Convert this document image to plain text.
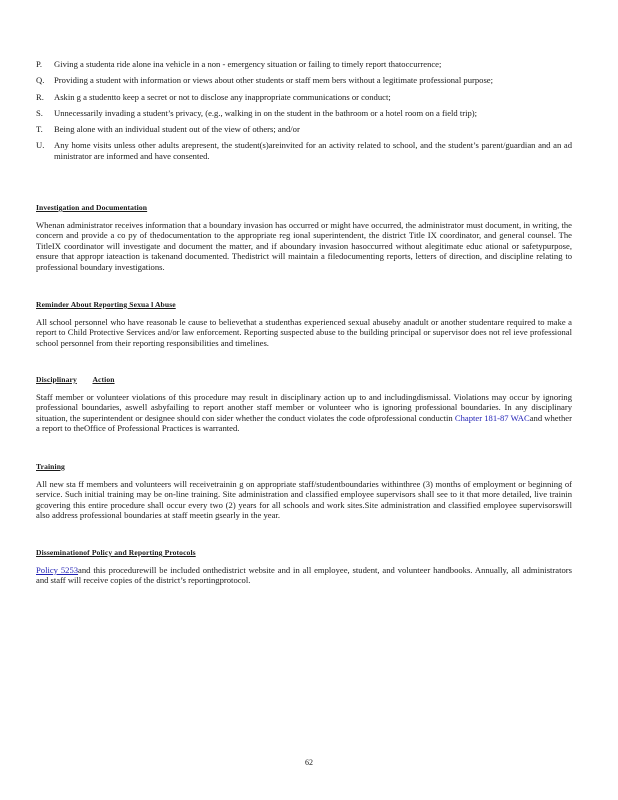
P.	Giving a studenta ride alone ina vehicle in a non - emergency situation or failing to timely report thatoccurrence;
Q.	Providing a student with information or views about other students or staff mem bers without a legitimate professional purpose;
R.	Askin g a studentto keep a secret or not to disclose any inappropriate communications or conduct;
S.	Unnecessarily invading a student’s privacy, (e.g., walking in on the student in the bathroom or a hotel room on a field trip);
T.	Being alone with an individual student out of the view of others; and/or
U.	Any home visits unless other adults arepresent, the student(s)areinvited for an activity related to school, and the student’s parent/guardian and an ad ministrator are informed and have consented.
Investigation and Documentation
Whenan administrator receives information that a boundary invasion has occurred or might have occurred, the administrator must document, in writing, the concern and provide a co py of thedocumentation to the appropriate reg ional superintendent, the district Title IX coordinator, and general counsel. The TitleIX coordinator will investigate and document the matter, and if aboundary invasion hasoccurred without alegitimate educ ational or safetypurpose, ensure that appropr iateaction is takenand documented. Thedistrict will maintain a filedocumenting reports, letters of direction, and discipline relating to professional boundary investigations.
Reminder About Reporting Sexua l Abuse
All school personnel who have reasonab le cause to believethat a studenthas experienced sexual abuseby anadult or another studentare required to make a report to Child Protective Services and/or law enforcement. Reporting suspected abuse to the building principal or supervisor does not rel ieve professional school personnel from their reporting responsibilities and timelines.
Disciplinary Action
Staff member or volunteer violations of this procedure may result in disciplinary action up to and includingdismissal. Violations may occur by ignoring professional boundaries, aswell asbyfailing to report another staff member or volunteer who is ignoring professional boundaries. In any disciplinary situation, the superintendent or designee should con sider whether the conduct violates the code ofprofessional conductin Chapter 181-87 WACand whether a report to theOffice of Professional Practices is warranted.
Training
All new sta ff members and volunteers will receivetrainin g on appropriate staff/studentboundaries withinthree (3) months of employment or beginning of service. Such initial training may be on-line training. Site administration and classified employee supervisors shall see to it that more detailed, live trainin gcovering this entire procedure shall occur every two (2) years for all schools and work sites.Site administration and classified employee supervisorswill also address professional boundaries at staff meetin gsearly in the year.
Disseminationof Policy and Reporting Protocols
Policy 5253and this procedurewill be included onthedistrict website and in all employee, student, and volunteer handbooks. Annually, all administrators and staff will receive copies of the district’s reportingprotocol.
62
